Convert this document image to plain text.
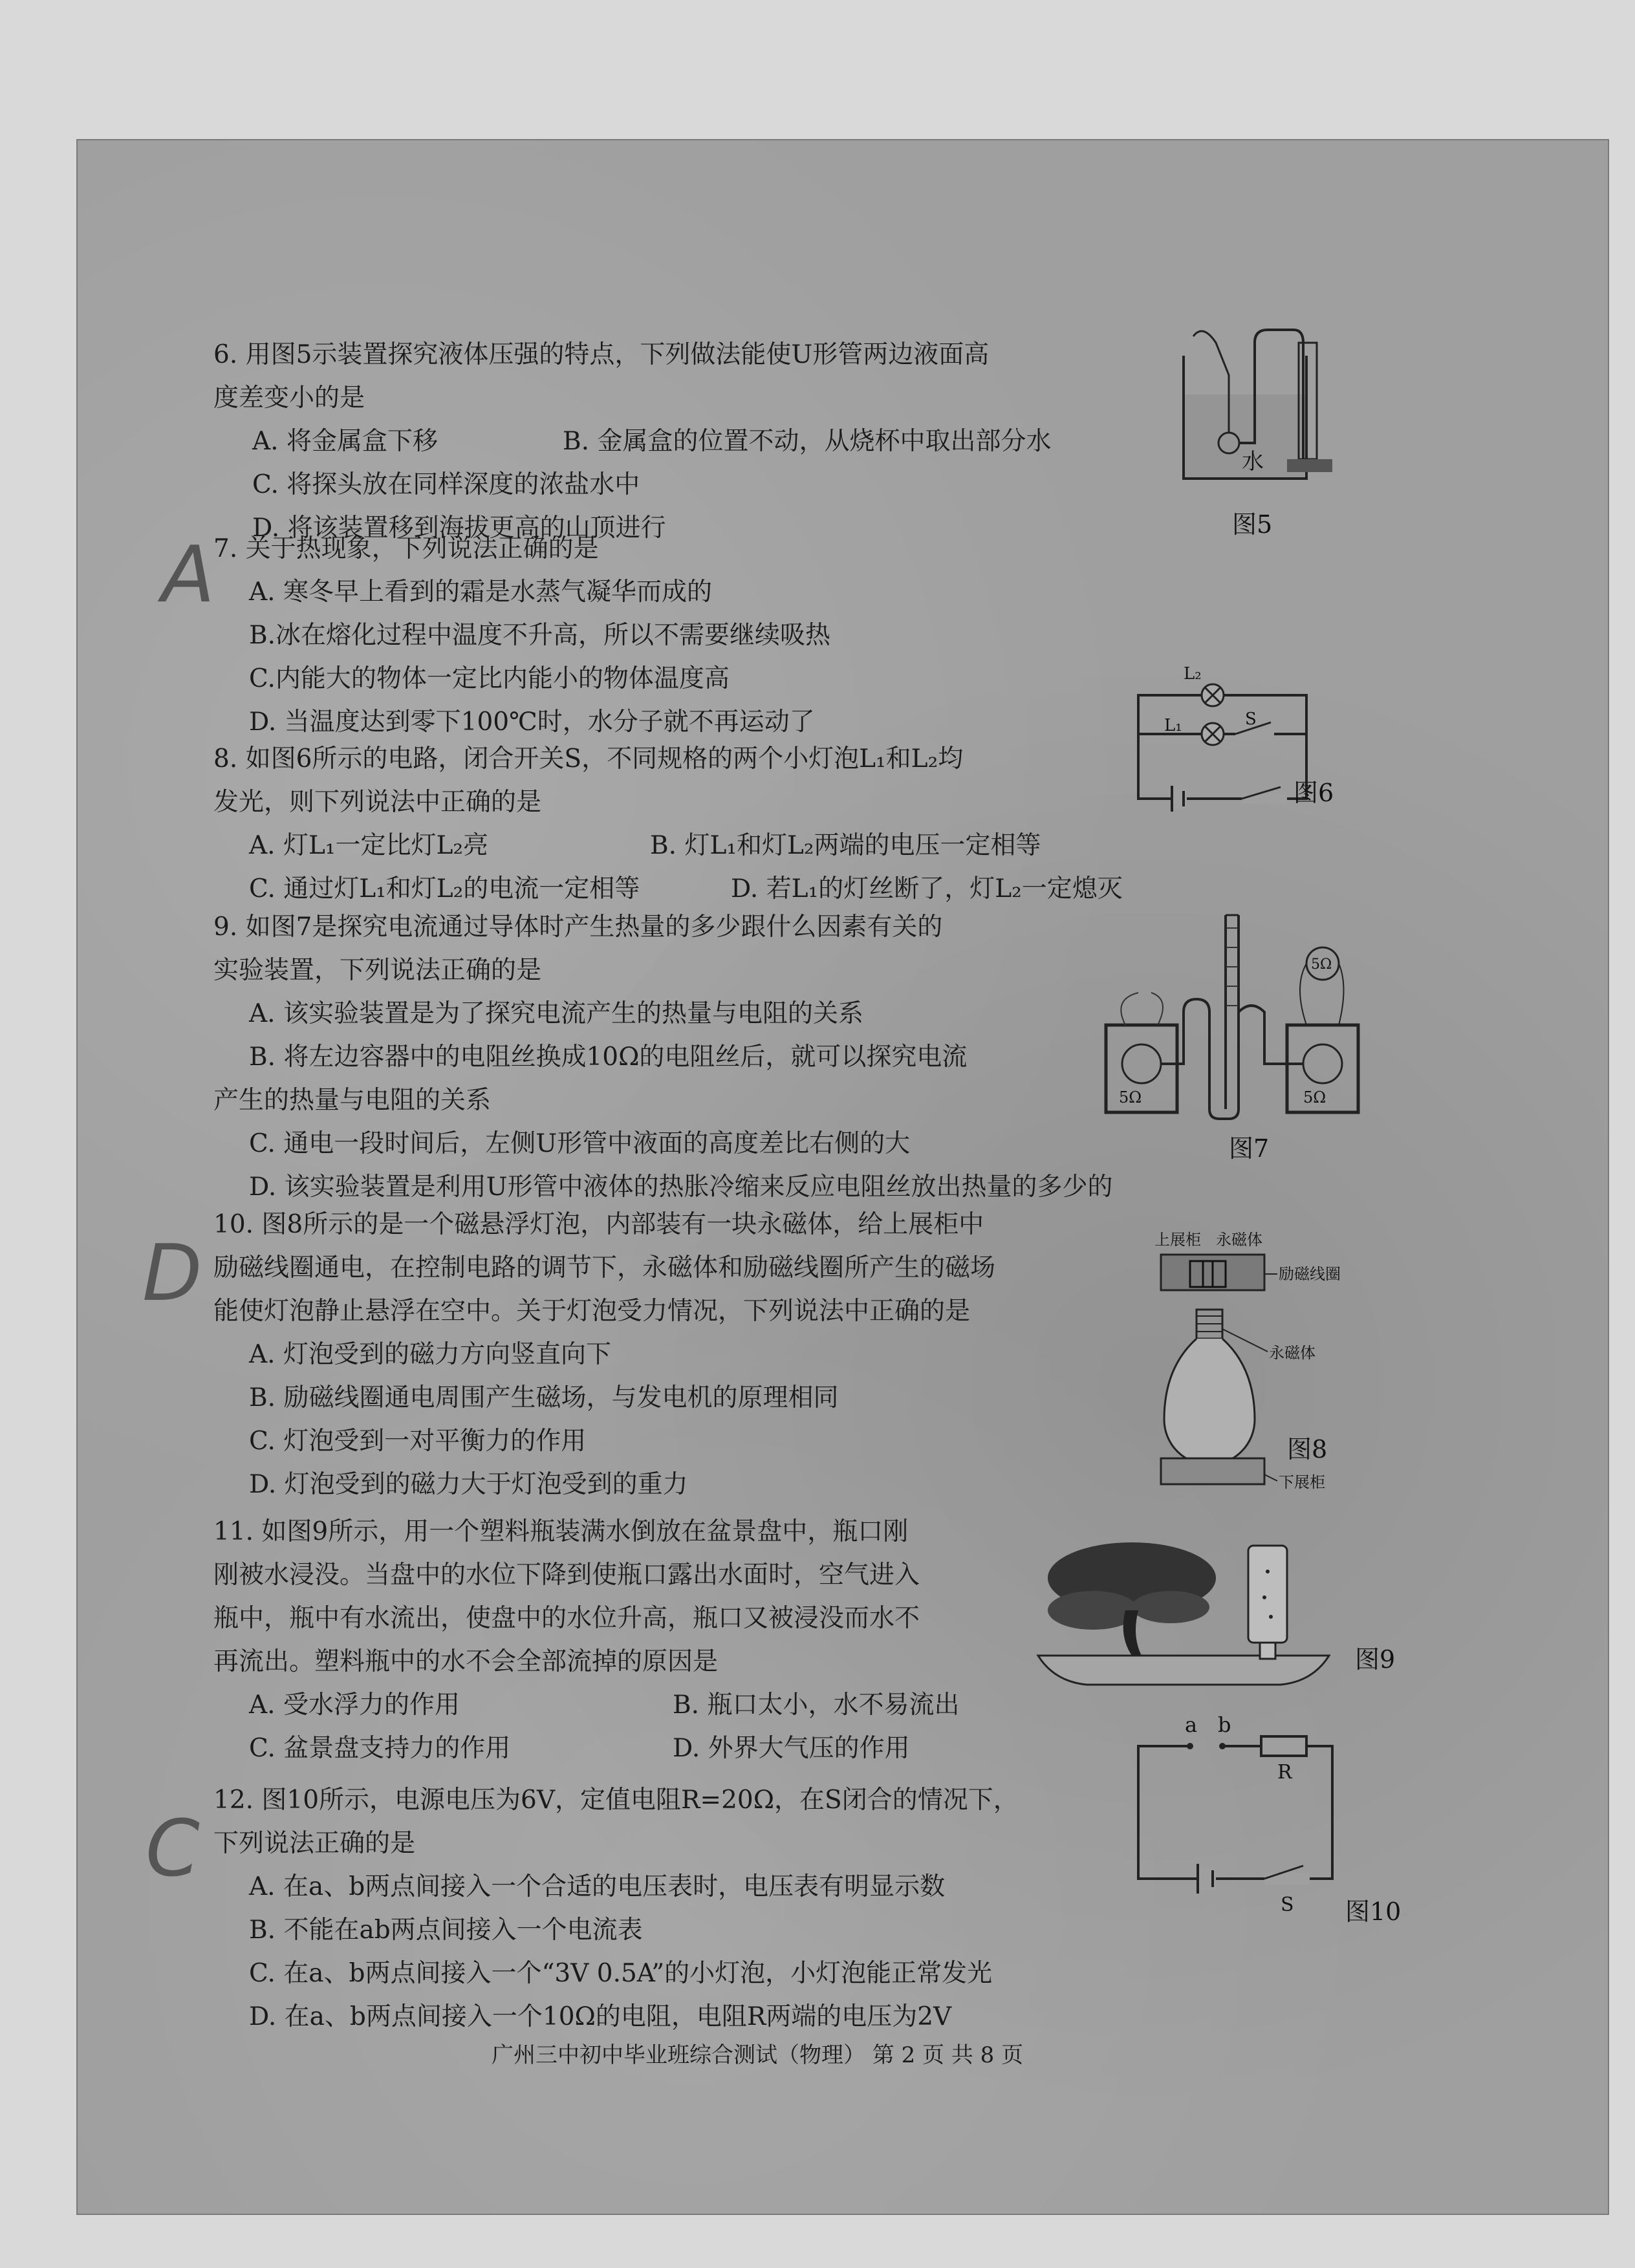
A
D
C
6. 用图5示装置探究液体压强的特点，下列做法能使U形管两边液面高
度差变小的是
A. 将金属盒下移	B. 金属盒的位置不动，从烧杯中取出部分水
C. 将探头放在同样深度的浓盐水中
D. 将该装置移到海拔更高的山顶进行
7. 关于热现象，下列说法正确的是
A. 寒冬早上看到的霜是水蒸气凝华而成的
B.冰在熔化过程中温度不升高，所以不需要继续吸热
C.内能大的物体一定比内能小的物体温度高
D. 当温度达到零下100℃时，水分子就不再运动了
8. 如图6所示的电路，闭合开关S，不同规格的两个小灯泡L₁和L₂均
发光，则下列说法中正确的是
A. 灯L₁一定比灯L₂亮	B. 灯L₁和灯L₂两端的电压一定相等
C. 通过灯L₁和灯L₂的电流一定相等	D. 若L₁的灯丝断了，灯L₂一定熄灭
9. 如图7是探究电流通过导体时产生热量的多少跟什么因素有关的
实验装置，下列说法正确的是
A. 该实验装置是为了探究电流产生的热量与电阻的关系
B. 将左边容器中的电阻丝换成10Ω的电阻丝后，就可以探究电流
产生的热量与电阻的关系
C. 通电一段时间后，左侧U形管中液面的高度差比右侧的大
D. 该实验装置是利用U形管中液体的热胀冷缩来反应电阻丝放出热量的多少的
10. 图8所示的是一个磁悬浮灯泡，内部装有一块永磁体，给上展柜中
励磁线圈通电，在控制电路的调节下，永磁体和励磁线圈所产生的磁场
能使灯泡静止悬浮在空中。关于灯泡受力情况，下列说法中正确的是
A. 灯泡受到的磁力方向竖直向下
B. 励磁线圈通电周围产生磁场，与发电机的原理相同
C. 灯泡受到一对平衡力的作用
D. 灯泡受到的磁力大于灯泡受到的重力
11. 如图9所示，用一个塑料瓶装满水倒放在盆景盘中，瓶口刚
刚被水浸没。当盘中的水位下降到使瓶口露出水面时，空气进入
瓶中，瓶中有水流出，使盘中的水位升高，瓶口又被浸没而水不
再流出。塑料瓶中的水不会全部流掉的原因是
A. 受水浮力的作用	B. 瓶口太小，水不易流出
C. 盆景盘支持力的作用	D. 外界大气压的作用
12. 图10所示，电源电压为6V，定值电阻R=20Ω，在S闭合的情况下，
下列说法正确的是
A. 在a、b两点间接入一个合适的电压表时，电压表有明显示数
B. 不能在ab两点间接入一个电流表
C. 在a、b两点间接入一个“3V 0.5A”的小灯泡，小灯泡能正常发光
D. 在a、b两点间接入一个10Ω的电阻，电阻R两端的电压为2V
水
图5
L₂
L₁	S
图6
5Ω	5Ω
5Ω
图7
上展柜 永磁体
励磁线圈
永磁体
下展柜
图8
图9
a b
R
S 图10
广州三中初中毕业班综合测试（物理） 第 2 页 共 8 页
